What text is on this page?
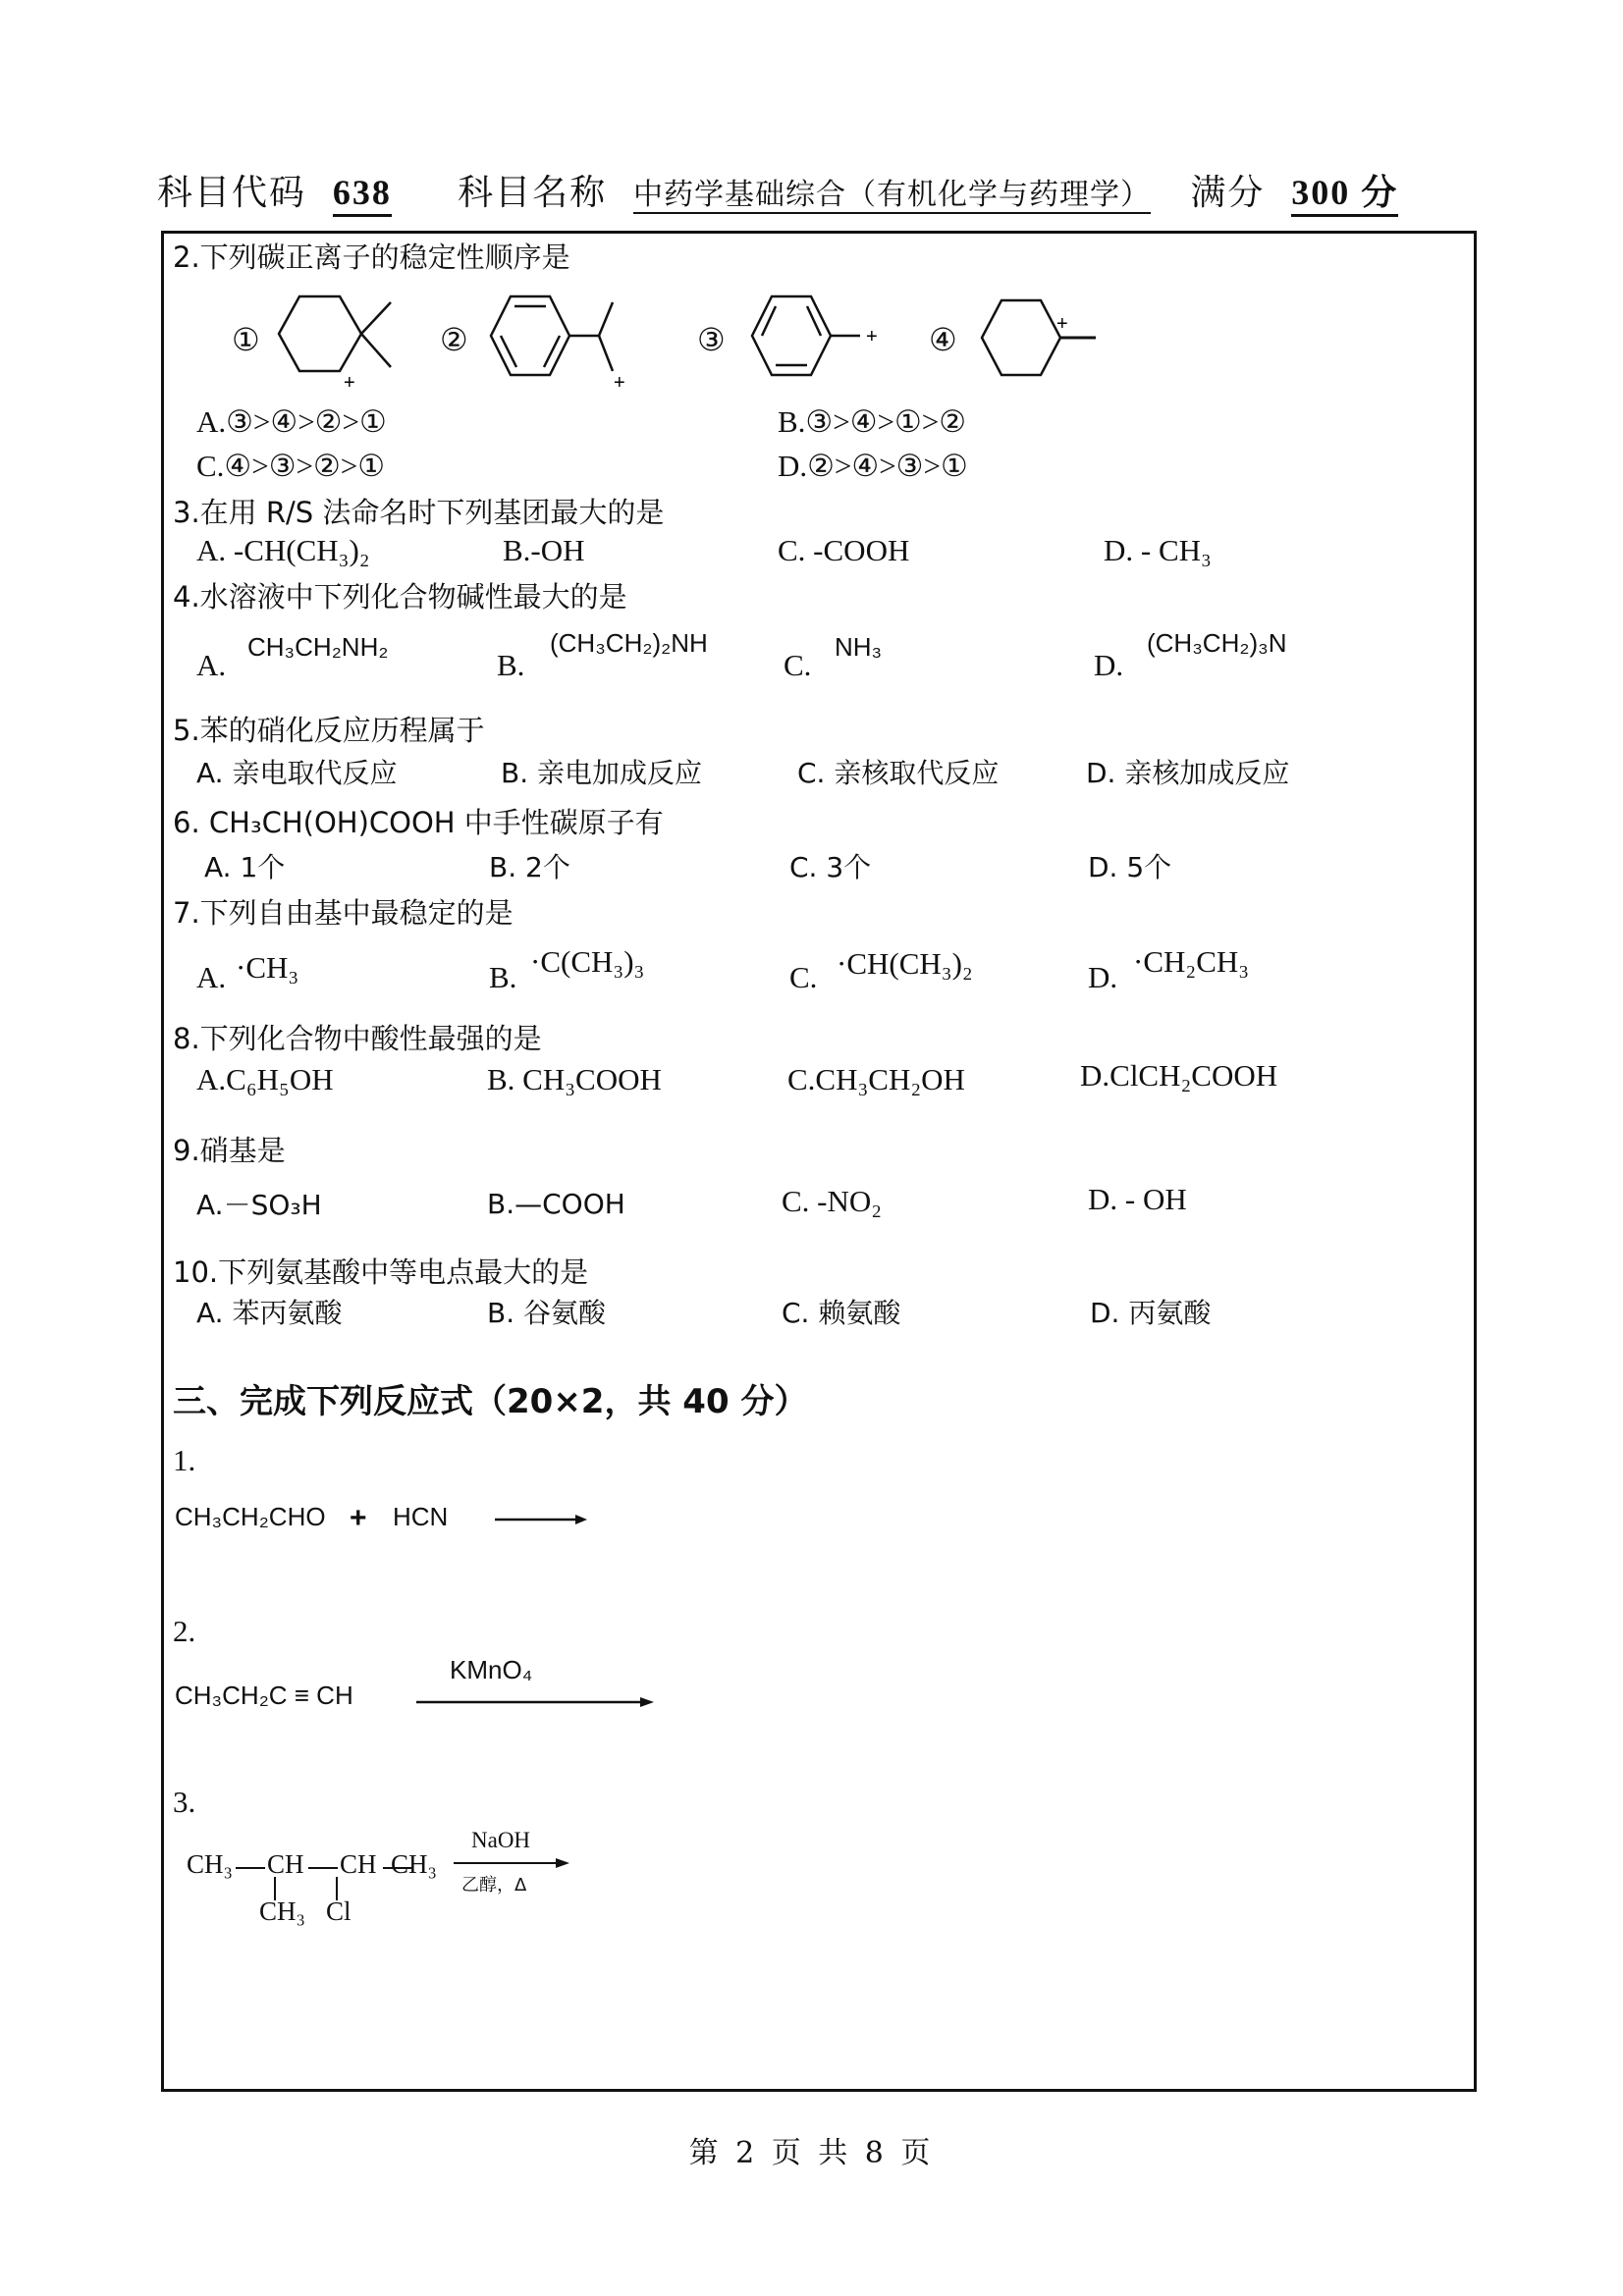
科目代码 638 科目名称 中药学基础综合（有机化学与药理学） 满分 300 分
2.下列碳正离子的稳定性顺序是
①
+
②
+
③	+ ④	+
A.③>④>②>①	B.③>④>①>②
C.④>③>②>①	D.②>④>③>①
3.在用 R/S 法命名时下列基团最大的是
A. -CH(CH₃)₂	B.-OH	C. -COOH	D. - CH₃
4.水溶液中下列化合物碱性最大的是
A.
CH₃CH₂NH₂
B.
(CH₃CH₂)₂NH
C.
NH₃
D.
(CH₃CH₂)₃N
5.苯的硝化反应历程属于
A. 亲电取代反应	B. 亲电加成反应	C. 亲核取代反应	D. 亲核加成反应
6. CH₃CH(OH)COOH 中手性碳原子有
A. 1个	B. 2个	C. 3个	D. 5个
7.下列自由基中最稳定的是
A. ·CH₃	B. ·C(CH₃)₃	C. ·CH(CH₃)₂	D. ·CH₂CH₃
8.下列化合物中酸性最强的是
A.C₆H₅OH	B. CH₃COOH	C.CH₃CH₂OH	D.ClCH₂COOH
9.硝基是
A.－SO₃H	B.—COOH	C. -NO₂	D. - OH
10.下列氨基酸中等电点最大的是
A. 苯丙氨酸	B. 谷氨酸	C. 赖氨酸	D. 丙氨酸
三、完成下列反应式（20×2，共 40 分）
1.
CH₃CH₂CHO + HCN
2.
CH₃CH₂C ≡ CH
KMnO₄
3.
CH₃ CH CH CH₃
CH₃ Cl
NaOH
乙醇，Δ
第 2 页 共 8 页
